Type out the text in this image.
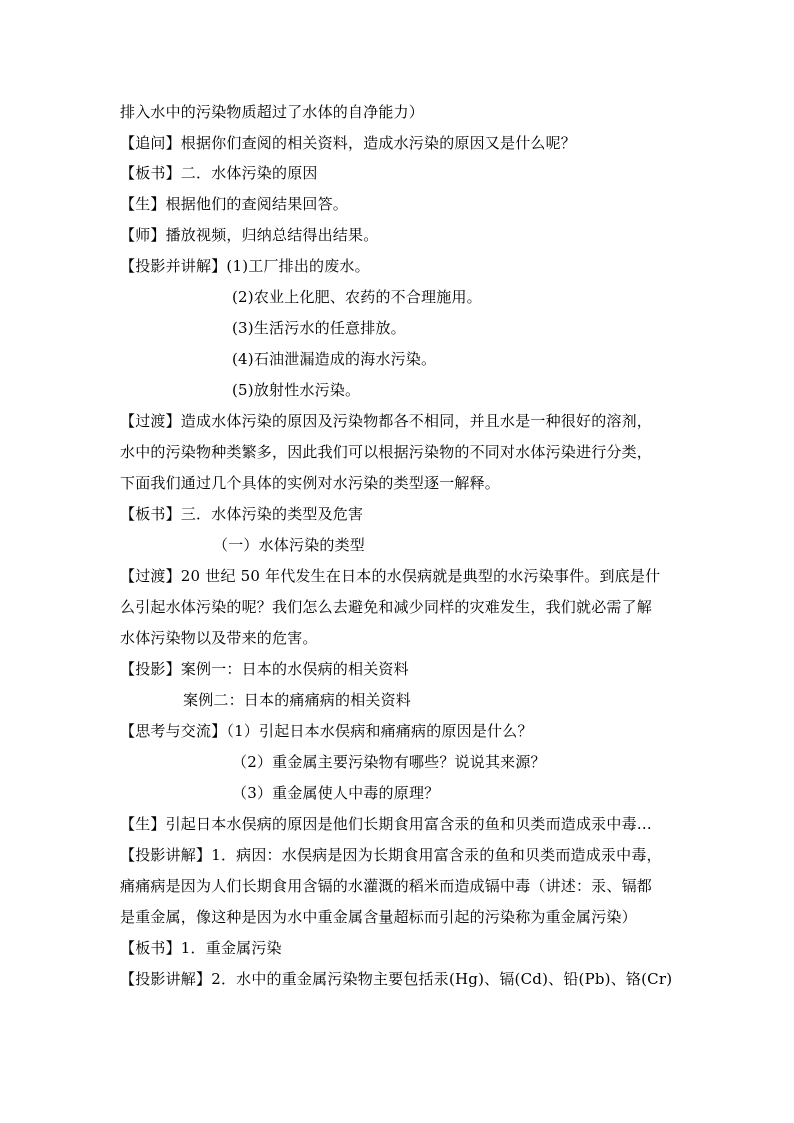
排入水中的污染物质超过了水体的自净能力）
【追问】根据你们查阅的相关资料，造成水污染的原因又是什么呢？
【板书】二．水体污染的原因
【生】根据他们的查阅结果回答。
【师】播放视频，归纳总结得出结果。
【投影并讲解】(1)工厂排出的废水。
(2)农业上化肥、农药的不合理施用。
(3)生活污水的任意排放。
(4)石油泄漏造成的海水污染。
(5)放射性水污染。
【过渡】造成水体污染的原因及污染物都各不相同，并且水是一种很好的溶剂，
水中的污染物种类繁多，因此我们可以根据污染物的不同对水体污染进行分类，
下面我们通过几个具体的实例对水污染的类型逐一解释。
【板书】三．水体污染的类型及危害
（一）水体污染的类型
【过渡】20 世纪 50 年代发生在日本的水俣病就是典型的水污染事件。到底是什
么引起水体污染的呢？我们怎么去避免和减少同样的灾难发生，我们就必需了解
水体污染物以及带来的危害。
【投影】案例一：日本的水俣病的相关资料
案例二：日本的痛痛病的相关资料
【思考与交流】（1）引起日本水俣病和痛痛病的原因是什么？
（2）重金属主要污染物有哪些？说说其来源？
（3）重金属使人中毒的原理？
【生】引起日本水俣病的原因是他们长期食用富含汞的鱼和贝类而造成汞中毒…
【投影讲解】1．病因：水俣病是因为长期食用富含汞的鱼和贝类而造成汞中毒，
痛痛病是因为人们长期食用含镉的水灌溉的稻米而造成镉中毒（讲述：汞、镉都
是重金属，像这种是因为水中重金属含量超标而引起的污染称为重金属污染）
【板书】1．重金属污染
【投影讲解】2．水中的重金属污染物主要包括汞(Hg)、镉(Cd)、铅(Pb)、铬(Cr)
